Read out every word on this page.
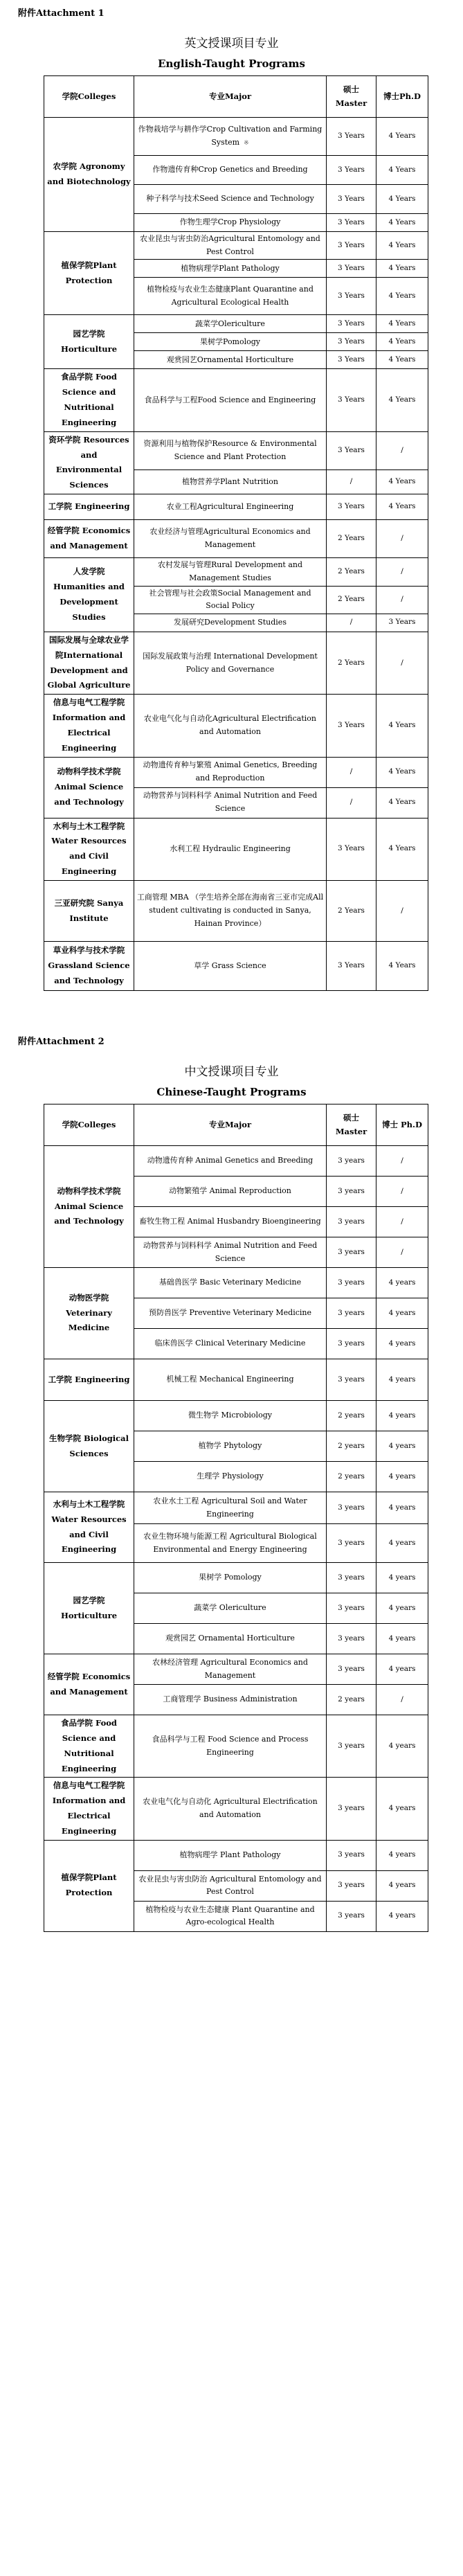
附件Attachment 1
英文授课项目专业
English-Taught Programs
学院Colleges	专业Major	硕士 Master	博士Ph.D
农学院 Agronomy and Biotechnology	作物栽培学与耕作学Crop Cultivation and Farming System ※	3 Years	4 Years
	作物遗传育种Crop Genetics and Breeding	3 Years	4 Years
	种子科学与技术Seed Science and Technology	3 Years	4 Years
	作物生理学Crop Physiology	3 Years	4 Years
植保学院Plant Protection	农业昆虫与害虫防治Agricultural Entomology and Pest Control	3 Years	4 Years
	植物病理学Plant Pathology	3 Years	4 Years
	植物检疫与农业生态健康Plant Quarantine and Agricultural Ecological Health	3 Years	4 Years
园艺学院Horticulture	蔬菜学Olericulture	3 Years	4 Years
	果树学Pomology	3 Years	4 Years
	观赏园艺Ornamental Horticulture	3 Years	4 Years
食品学院 Food Science and Nutritional Engineering	食品科学与工程Food Science and Engineering	3 Years	4 Years
资环学院 Resources and Environmental Sciences	资源利用与植物保护Resource & Environmental Science and Plant Protection	3 Years	/
	植物营养学Plant Nutrition	/	4 Years
工学院 Engineering	农业工程Agricultural Engineering	3 Years	4 Years
经管学院 Economics and Management	农业经济与管理Agricultural Economics and Management	2 Years	/
人发学院 Humanities and Development Studies	农村发展与管理Rural Development and Management Studies	2 Years	/
	社会管理与社会政策Social Management and Social Policy	2 Years	/
	发展研究Development Studies	/	3 Years
国际发展与全球农业学院International Development and Global Agriculture	国际发展政策与治理 International Development Policy and Governance	2 Years	/
信息与电气工程学院 Information and Electrical Engineering	农业电气化与自动化Agricultural Electrification and Automation	3 Years	4 Years
动物科学技术学院 Animal Science and Technology	动物遗传育种与繁殖 Animal Genetics, Breeding and Reproduction	/	4 Years
	动物营养与饲料科学 Animal Nutrition and Feed Science	/	4 Years
水利与土木工程学院 Water Resources and Civil Engineering	水利工程 Hydraulic Engineering	3 Years	4 Years
三亚研究院 Sanya Institute	工商管理 MBA （学生培养全部在海南省三亚市完成All student cultivating is conducted in Sanya, Hainan Province）	2 Years	/
草业科学与技术学院 Grassland Science and Technology	草学 Grass Science	3 Years	4 Years
附件Attachment 2
中文授课项目专业
Chinese-Taught Programs
学院Colleges	专业Major	硕士 Master	博士 Ph.D
动物科学技术学院 Animal Science and Technology	动物遗传育种 Animal Genetics and Breeding	3 years	/
	动物繁殖学 Animal Reproduction	3 years	/
	畜牧生物工程 Animal Husbandry Bioengineering	3 years	/
	动物营养与饲料科学 Animal Nutrition and Feed Science	3 years	/
动物医学院 Veterinary Medicine	基础兽医学 Basic Veterinary Medicine	3 years	4 years
	预防兽医学 Preventive Veterinary Medicine	3 years	4 years
	临床兽医学 Clinical Veterinary Medicine	3 years	4 years
工学院 Engineering	机械工程 Mechanical Engineering	3 years	4 years
生物学院 Biological Sciences	微生物学 Microbiology	2 years	4 years
	植物学 Phytology	2 years	4 years
	生理学 Physiology	2 years	4 years
水利与土木工程学院 Water Resources and Civil Engineering	农业水土工程 Agricultural Soil and Water Engineering	3 years	4 years
	农业生物环境与能源工程 Agricultural Biological Environmental and Energy Engineering	3 years	4 years
园艺学院 Horticulture	果树学 Pomology	3 years	4 years
	蔬菜学 Olericulture	3 years	4 years
	观赏园艺 Ornamental Horticulture	3 years	4 years
经管学院 Economics and Management	农林经济管理 Agricultural Economics and Management	3 years	4 years
	工商管理学 Business Administration	2 years	/
食品学院 Food Science and Nutritional Engineering	食品科学与工程 Food Science and Process Engineering	3 years	4 years
信息与电气工程学院Information and Electrical Engineering	农业电气化与自动化 Agricultural Electrification and Automation	3 years	4 years
植保学院Plant Protection	植物病理学 Plant Pathology	3 years	4 years
	农业昆虫与害虫防治 Agricultural Entomology and Pest Control	3 years	4 years
	植物检疫与农业生态健康 Plant Quarantine and Agro-ecological Health	3 years	4 years
